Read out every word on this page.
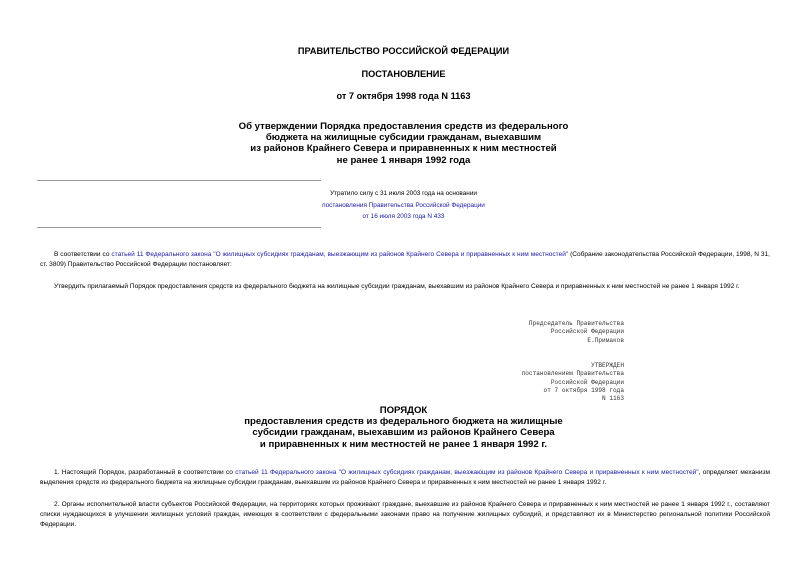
ПРАВИТЕЛЬСТВО РОССИЙСКОЙ ФЕДЕРАЦИИ
ПОСТАНОВЛЕНИЕ
от 7 октября 1998 года N 1163
Об утверждении Порядка предоставления средств из федерального
бюджета на жилищные субсидии гражданам, выехавшим
из районов Крайнего Севера и приравненных к ним местностей
не ранее 1 января 1992 года
Утратило силу с 31 июля 2003 года на основании
постановления Правительства Российской Федерации
от 16 июля 2003 года N 433
В соответствии со статьей 11 Федерального закона "О жилищных субсидиях гражданам, выезжающим из районов Крайнего Севера и приравненных к ним местностей" (Собрание законодательства Российской Федерации, 1998, N 31, ст. 3809) Правительство Российской Федерации постановляет:
Утвердить прилагаемый Порядок предоставления средств из федерального бюджета на жилищные субсидии гражданам, выехавшим из районов Крайнего Севера и приравненных к ним местностей не ранее 1 января 1992 г.
Председатель Правительства
Российской Федерации
Е.Примаков
УТВЕРЖДЕН
постановлением Правительства
Российской Федерации
от 7 октября 1998 года
N 1163
ПОРЯДОК
предоставления средств из федерального бюджета на жилищные
субсидии гражданам, выехавшим из районов Крайнего Севера
и приравненных к ним местностей не ранее 1 января 1992 г.
1. Настоящий Порядок, разработанный в соответствии со статьей 11 Федерального закона "О жилищных субсидиях гражданам, выезжающим из районов Крайнего Севера и приравненных к ним местностей", определяет механизм выделения средств из федерального бюджета на жилищные субсидии гражданам, выехавшим из районов Крайнего Севера и приравненных к ним местностей не ранее 1 января 1992 г.
2. Органы исполнительной власти субъектов Российской Федерации, на территориях которых проживают граждане, выехавшие из районов Крайнего Севера и приравненных к ним местностей не ранее 1 января 1992 г., составляют списки нуждающихся в улучшении жилищных условий граждан, имеющих в соответствии с федеральными законами право на получение жилищных субсидий, и представляют их в Министерство региональной политики Российской Федерации.
